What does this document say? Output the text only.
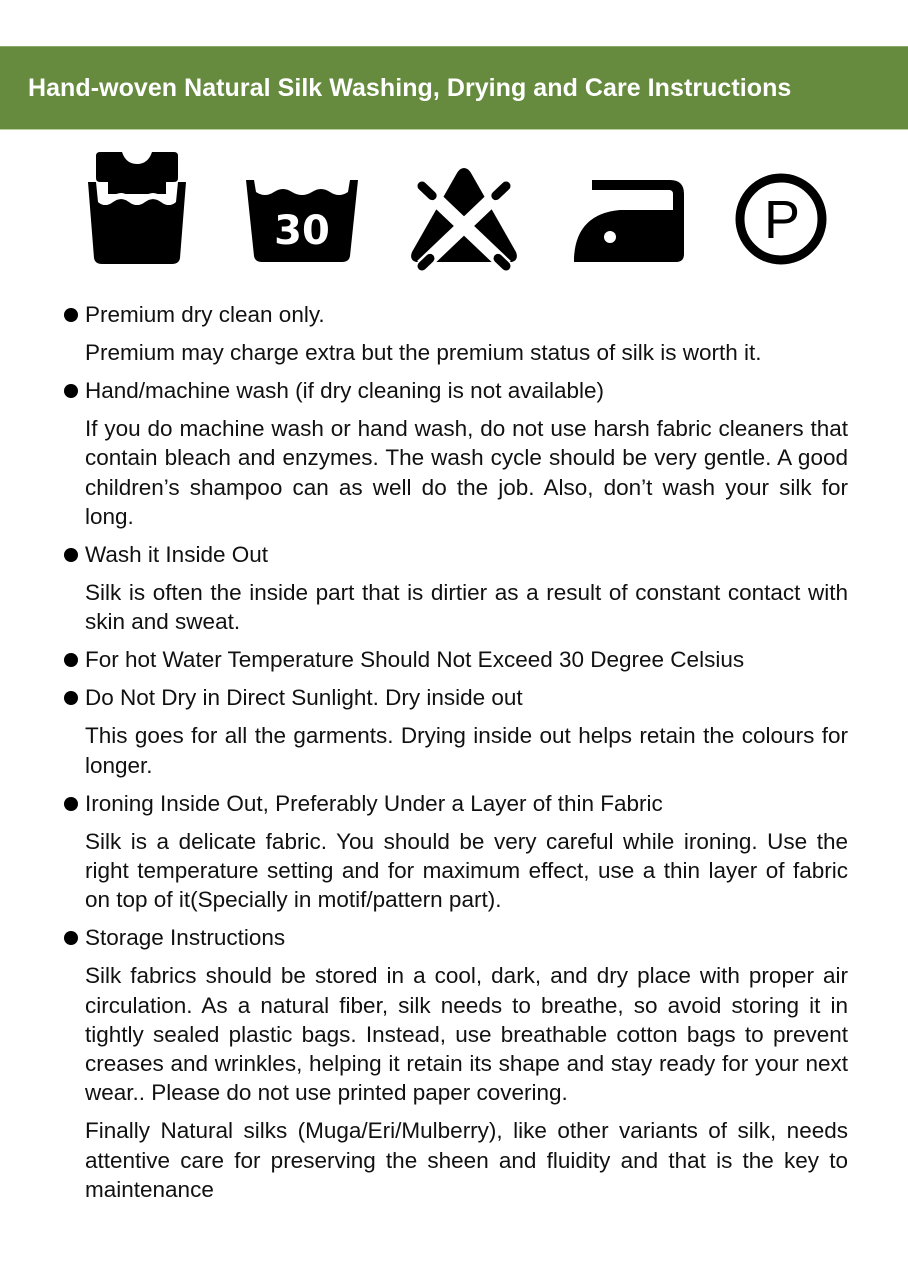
Hand-woven Natural Silk Washing, Drying and Care Instructions
30	P
Premium dry clean only.
Premium may charge extra but the premium status of silk is worth it.
Hand/machine wash (if dry cleaning is not available)
If you do machine wash or hand wash, do not use harsh fabric cleaners that contain bleach and enzymes. The wash cycle should be very gentle. A good children’s shampoo can as well do the job. Also, don’t wash your silk for long.
Wash it Inside Out
Silk is often the inside part that is dirtier as a result of constant contact with skin and sweat.
For hot Water Temperature Should Not Exceed 30 Degree Celsius
Do Not Dry in Direct Sunlight. Dry inside out
This goes for all the garments. Drying inside out helps retain the colours for longer.
Ironing Inside Out, Preferably Under a Layer of thin Fabric
Silk is a delicate fabric. You should be very careful while ironing. Use the right temperature setting and for maximum effect, use a thin layer of fabric on top of it(Specially in motif/pattern part).
Storage Instructions
Silk fabrics should be stored in a cool, dark, and dry place with proper air circulation. As a natural fiber, silk needs to breathe, so avoid storing it in tightly sealed plastic bags. Instead, use breathable cotton bags to prevent creases and wrinkles, helping it retain its shape and stay ready for your next wear.. Please do not use printed paper covering.
Finally Natural silks (Muga/Eri/Mulberry), like other variants of silk, needs attentive care for preserving the sheen and fluidity and that is the key to maintenance
